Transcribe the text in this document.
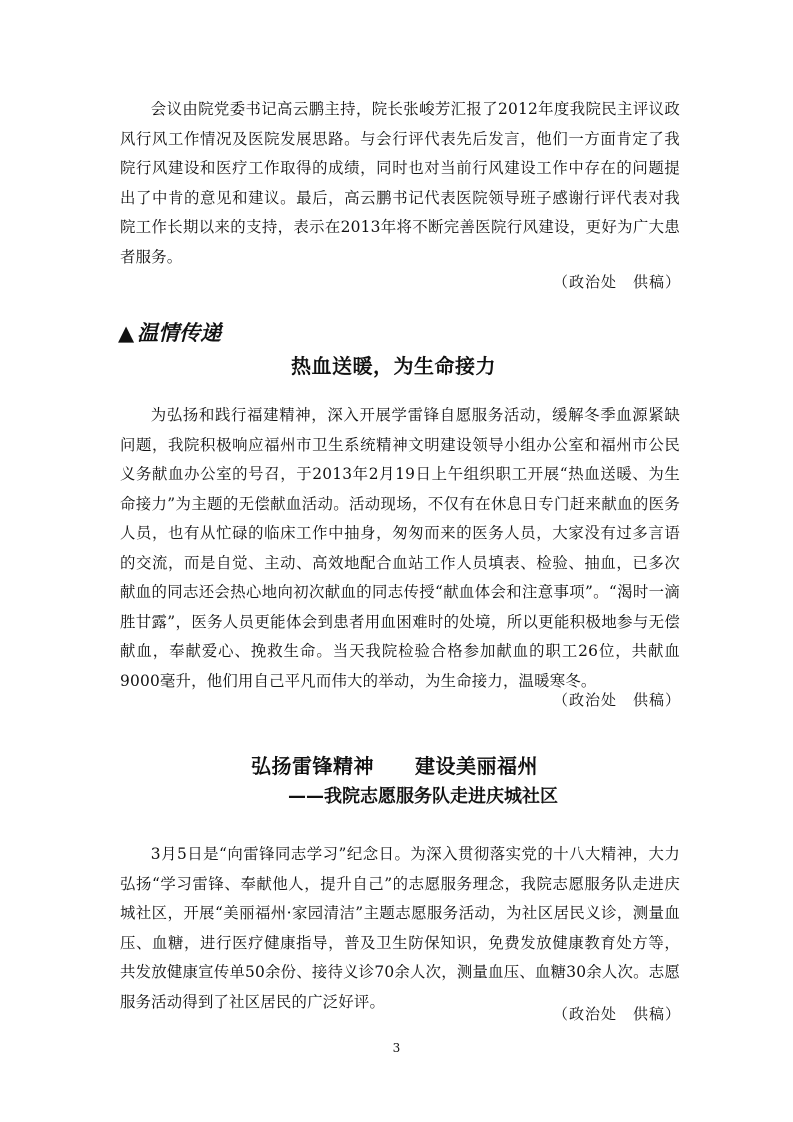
会议由院党委书记高云鹏主持，院长张峻芳汇报了2012年度我院民主评议政风行风工作情况及医院发展思路。与会行评代表先后发言，他们一方面肯定了我院行风建设和医疗工作取得的成绩，同时也对当前行风建设工作中存在的问题提出了中肯的意见和建议。最后，高云鹏书记代表医院领导班子感谢行评代表对我院工作长期以来的支持，表示在2013年将不断完善医院行风建设，更好为广大患者服务。

（政治处　供稿）
▲ 温情传递
热血送暖，为生命接力

为弘扬和践行福建精神，深入开展学雷锋自愿服务活动，缓解冬季血源紧缺问题，我院积极响应福州市卫生系统精神文明建设领导小组办公室和福州市公民义务献血办公室的号召，于2013年2月19日上午组织职工开展“热血送暖、为生命接力”为主题的无偿献血活动。活动现场，不仅有在休息日专门赶来献血的医务人员，也有从忙碌的临床工作中抽身，匆匆而来的医务人员，大家没有过多言语的交流，而是自觉、主动、高效地配合血站工作人员填表、检验、抽血，已多次献血的同志还会热心地向初次献血的同志传授“献血体会和注意事项”。“渴时一滴胜甘露”，医务人员更能体会到患者用血困难时的处境，所以更能积极地参与无偿献血，奉献爱心、挽救生命。当天我院检验合格参加献血的职工26位，共献血9000毫升，他们用自己平凡而伟大的举动，为生命接力，温暖寒冬。

（政治处　供稿）
弘扬雷锋精神　　建设美丽福州
——我院志愿服务队走进庆城社区

3月5日是“向雷锋同志学习”纪念日。为深入贯彻落实党的十八大精神，大力弘扬“学习雷锋、奉献他人，提升自己”的志愿服务理念，我院志愿服务队走进庆城社区，开展“美丽福州·家园清洁”主题志愿服务活动，为社区居民义诊，测量血压、血糖，进行医疗健康指导，普及卫生防保知识，免费发放健康教育处方等，共发放健康宣传单50余份、接待义诊70余人次，测量血压、血糖30余人次。志愿服务活动得到了社区居民的广泛好评。

（政治处　供稿）
3
